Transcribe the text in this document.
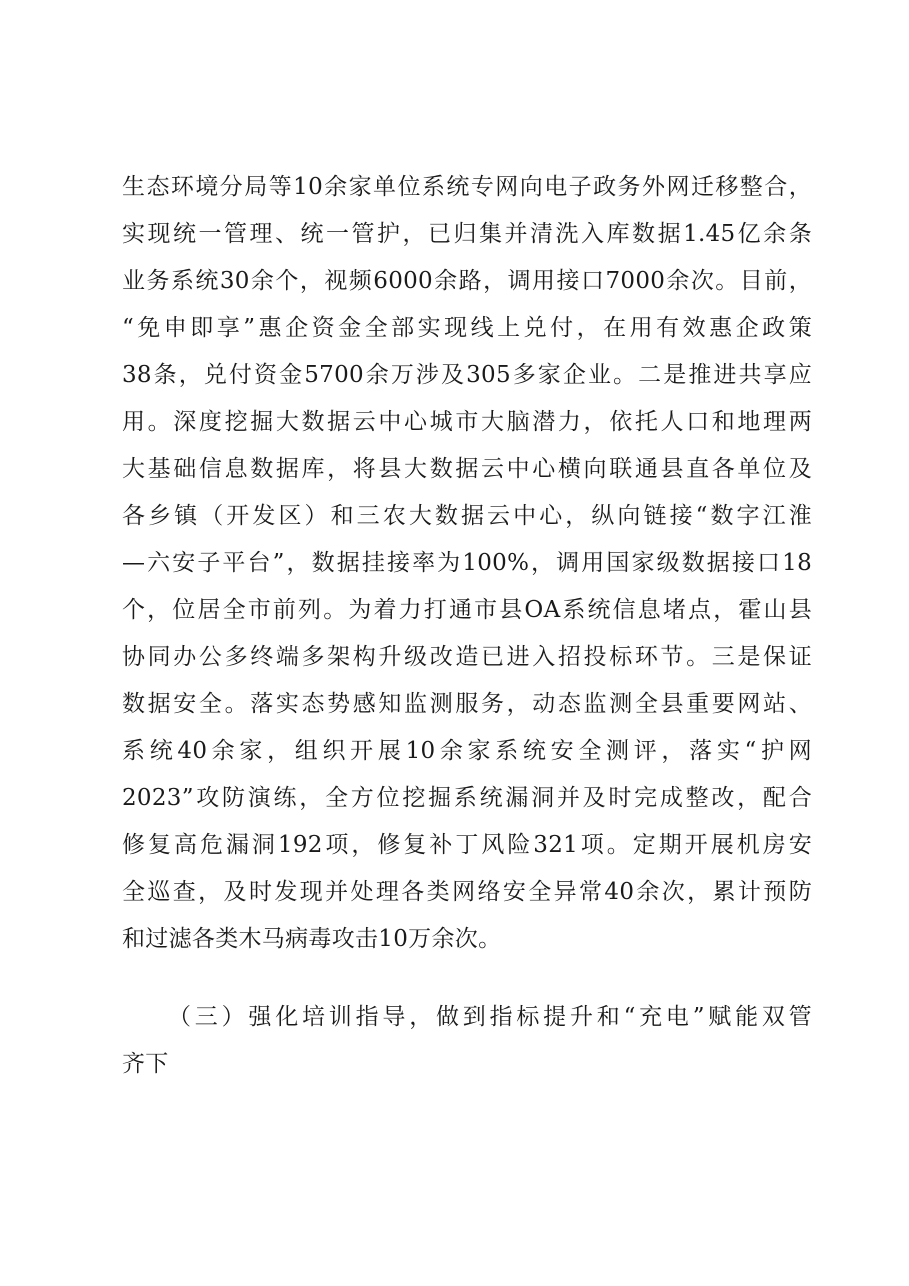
生态环境分局等10余家单位系统专网向电子政务外网迁移整合，
实现统一管理、统一管护，已归集并清洗入库数据1.45亿余条
业务系统30余个，视频6000余路，调用接口7000余次。目前，
“免申即享”惠企资金全部实现线上兑付，在用有效惠企政策
38条，兑付资金5700余万涉及305多家企业。二是推进共享应
用。深度挖掘大数据云中心城市大脑潜力，依托人口和地理两
大基础信息数据库，将县大数据云中心横向联通县直各单位及
各乡镇（开发区）和三农大数据云中心，纵向链接“数字江淮
—六安子平台”，数据挂接率为100%，调用国家级数据接口18
个，位居全市前列。为着力打通市县OA系统信息堵点，霍山县
协同办公多终端多架构升级改造已进入招投标环节。三是保证
数据安全。落实态势感知监测服务，动态监测全县重要网站、
系统40余家，组织开展10余家系统安全测评，落实“护网
2023”攻防演练，全方位挖掘系统漏洞并及时完成整改，配合
修复高危漏洞192项，修复补丁风险321项。定期开展机房安
全巡查，及时发现并处理各类网络安全异常40余次，累计预防
和过滤各类木马病毒攻击10万余次。
（三）强化培训指导，做到指标提升和“充电”赋能双管
齐下
